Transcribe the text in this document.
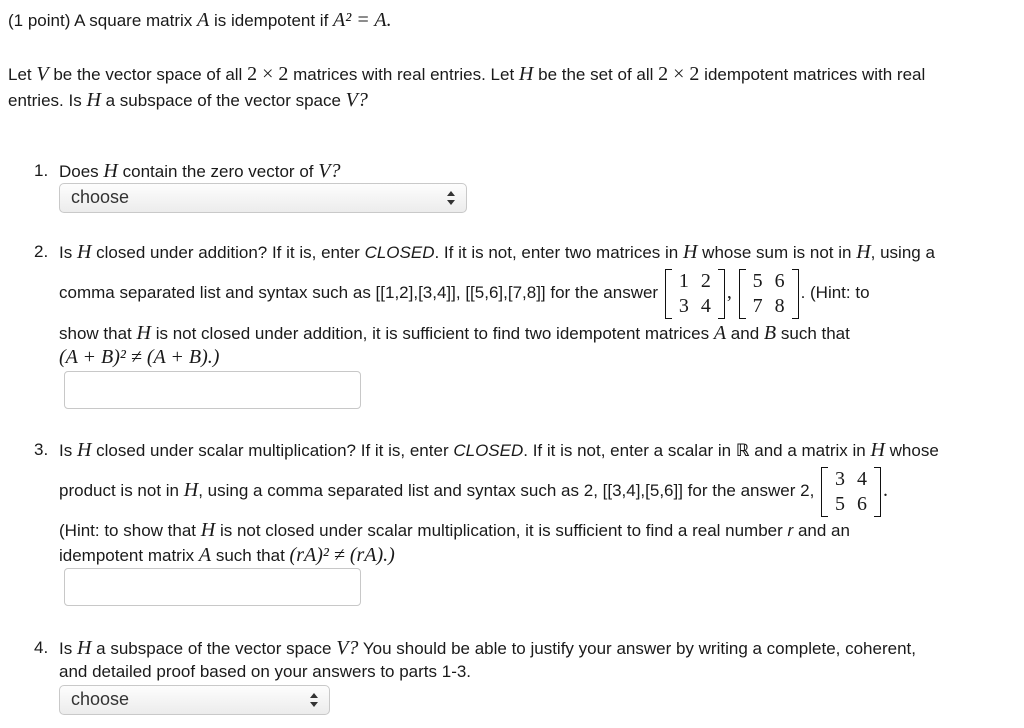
(1 point) A square matrix A is idempotent if A² = A.
Let V be the vector space of all 2 × 2 matrices with real entries. Let H be the set of all 2 × 2 idempotent matrices with real
entries. Is H a subspace of the vector space V?
1. Does H contain the zero vector of V?
choose
2. Is H closed under addition? If it is, enter CLOSED. If it is not, enter two matrices in H whose sum is not in H, using a
comma separated list and syntax such as [[1,2],[3,4]], [[5,6],[7,8]] for the answer
1	2
3	4
,
5	6
7	8
. (Hint: to
show that H is not closed under addition, it is sufficient to find two idempotent matrices A and B such that
(A + B)² ≠ (A + B).)
3. Is H closed under scalar multiplication? If it is, enter CLOSED. If it is not, enter a scalar in ℝ and a matrix in H whose
product is not in H, using a comma separated list and syntax such as 2, [[3,4],[5,6]] for the answer 2,
3	4
5	6
.
(Hint: to show that H is not closed under scalar multiplication, it is sufficient to find a real number r and an
idempotent matrix A such that (rA)² ≠ (rA).)
4. Is H a subspace of the vector space V? You should be able to justify your answer by writing a complete, coherent,
and detailed proof based on your answers to parts 1-3.
choose
